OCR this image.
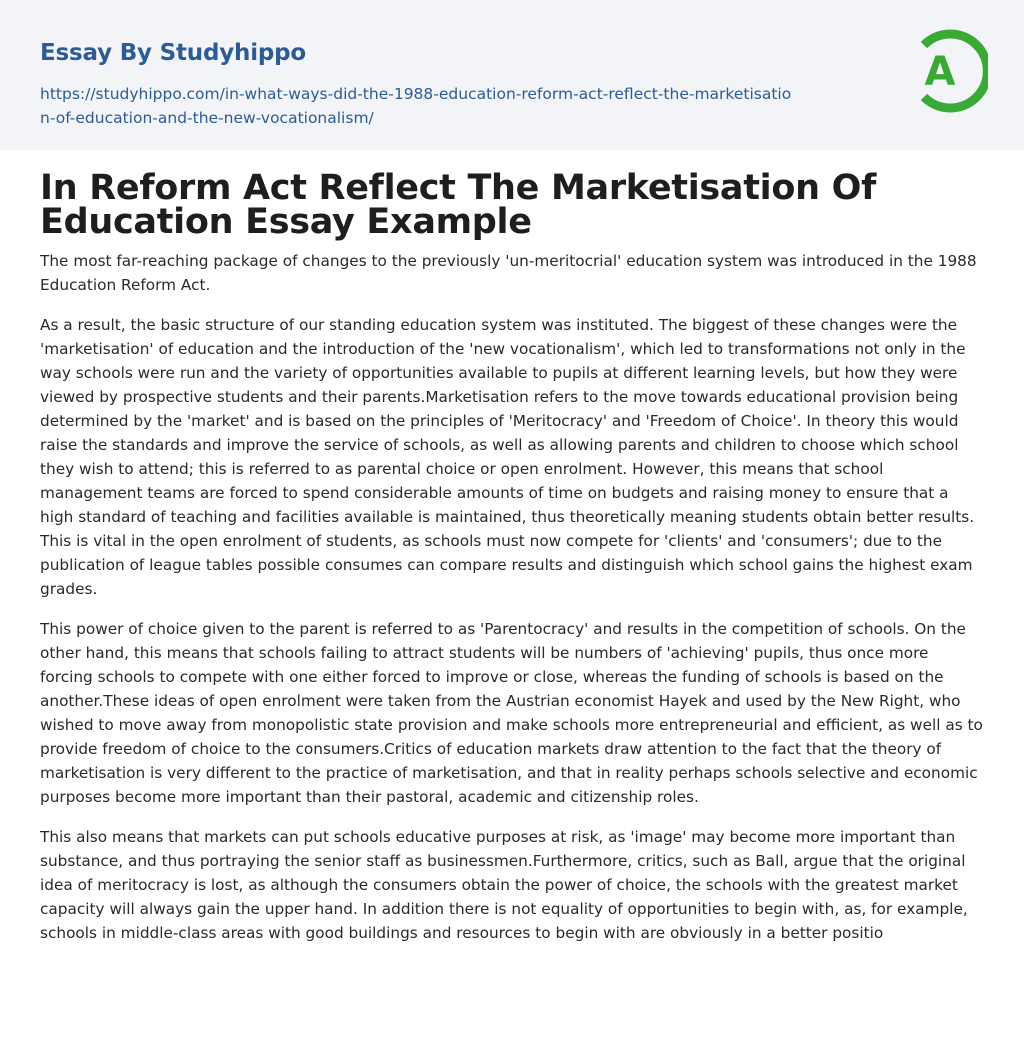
Essay By Studyhippo
https://studyhippo.com/in-what-ways-did-the-1988-education-reform-act-reflect-the-marketisation-of-education-and-the-new-vocationalism/
A
In Reform Act Reflect The Marketisation Of Education Essay Example

The most far-reaching package of changes to the previously 'un-meritocrial' education system was introduced in the 1988 Education Reform Act.

As a result, the basic structure of our standing education system was instituted. The biggest of these changes were the 'marketisation' of education and the introduction of the 'new vocationalism', which led to transformations not only in the way schools were run and the variety of opportunities available to pupils at different learning levels, but how they were viewed by prospective students and their parents.Marketisation refers to the move towards educational provision being determined by the 'market' and is based on the principles of 'Meritocracy' and 'Freedom of Choice'. In theory this would raise the standards and improve the service of schools, as well as allowing parents and children to choose which school they wish to attend; this is referred to as parental choice or open enrolment. However, this means that school management teams are forced to spend considerable amounts of time on budgets and raising money to ensure that a high standard of teaching and facilities available is maintained, thus theoretically meaning students obtain better results. This is vital in the open enrolment of students, as schools must now compete for 'clients' and 'consumers'; due to the publication of league tables possible consumes can compare results and distinguish which school gains the highest exam grades.

This power of choice given to the parent is referred to as 'Parentocracy' and results in the competition of schools. On the other hand, this means that schools failing to attract students will be numbers of 'achieving' pupils, thus once more forcing schools to compete with one either forced to improve or close, whereas the funding of schools is based on the another.These ideas of open enrolment were taken from the Austrian economist Hayek and used by the New Right, who wished to move away from monopolistic state provision and make schools more entrepreneurial and efficient, as well as to provide freedom of choice to the consumers.Critics of education markets draw attention to the fact that the theory of marketisation is very different to the practice of marketisation, and that in reality perhaps schools selective and economic purposes become more important than their pastoral, academic and citizenship roles.

This also means that markets can put schools educative purposes at risk, as 'image' may become more important than substance, and thus portraying the senior staff as businessmen.Furthermore, critics, such as Ball, argue that the original idea of meritocracy is lost, as although the consumers obtain the power of choice, the schools with the greatest market capacity will always gain the upper hand. In addition there is not equality of opportunities to begin with, as, for example, schools in middle-class areas with good buildings and resources to begin with are obviously in a better positio
